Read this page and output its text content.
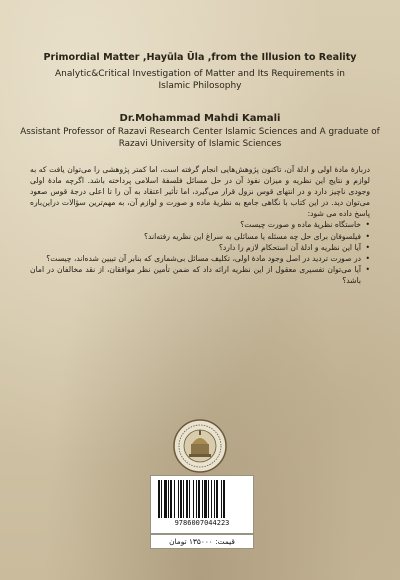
Primordial Matter ,Hayūla Ūla ,from the Illusion to Reality
Analytic&Critical Investigation of Matter and Its Requirements in Islamic Philosophy
Dr.Mohammad Mahdi Kamali
Assistant Professor of Razavi Research Center Islamic Sciences and A graduate of Razavi University of Islamic Sciences

دربارۀ مادۀ اولی و ادلۀ آن، تاکنون پژوهش‌هایی انجام گرفته است، اما کمتر پژوهشی را می‌توان یافت که به لوازم و نتایج این نظریه و میزان نفوذ آن در حل مسائل فلسفۀ اسلامی پرداخته باشد. اگرچه مادۀ اولی وجودی ناچیز دارد و در انتهای قوس نزول قرار می‌گیرد، اما تأثیر اعتقاد به آن را تا اعلی درجۀ قوس صعود می‌توان دید. در این کتاب با نگاهی جامع به نظریۀ ماده و صورت و لوازم آن، به مهم‌ترین سؤالات دراین‌باره پاسخ داده می شود:

• خاستگاه نظریۀ ماده و صورت چیست؟
• فیلسوفان برای حل چه مسئله یا مسائلی به سراغ این نظریه رفته‌اند؟
• آیا این نظریه و ادلۀ آن استحکام لازم را دارد؟
• در صورت تردید در اصل وجود مادۀ اولی، تکلیف مسائل بی‌شماری که بنابر آن تبیین شده‌اند، چیست؟
• آیا می‌توان تفسیری معقول از این نظریه ارائه داد که ضمن تأمین نظر موافقان، از نقد مخالفان در امان باشد؟
9786007044223
قیمت: ۱۳۵۰۰۰ تومان
